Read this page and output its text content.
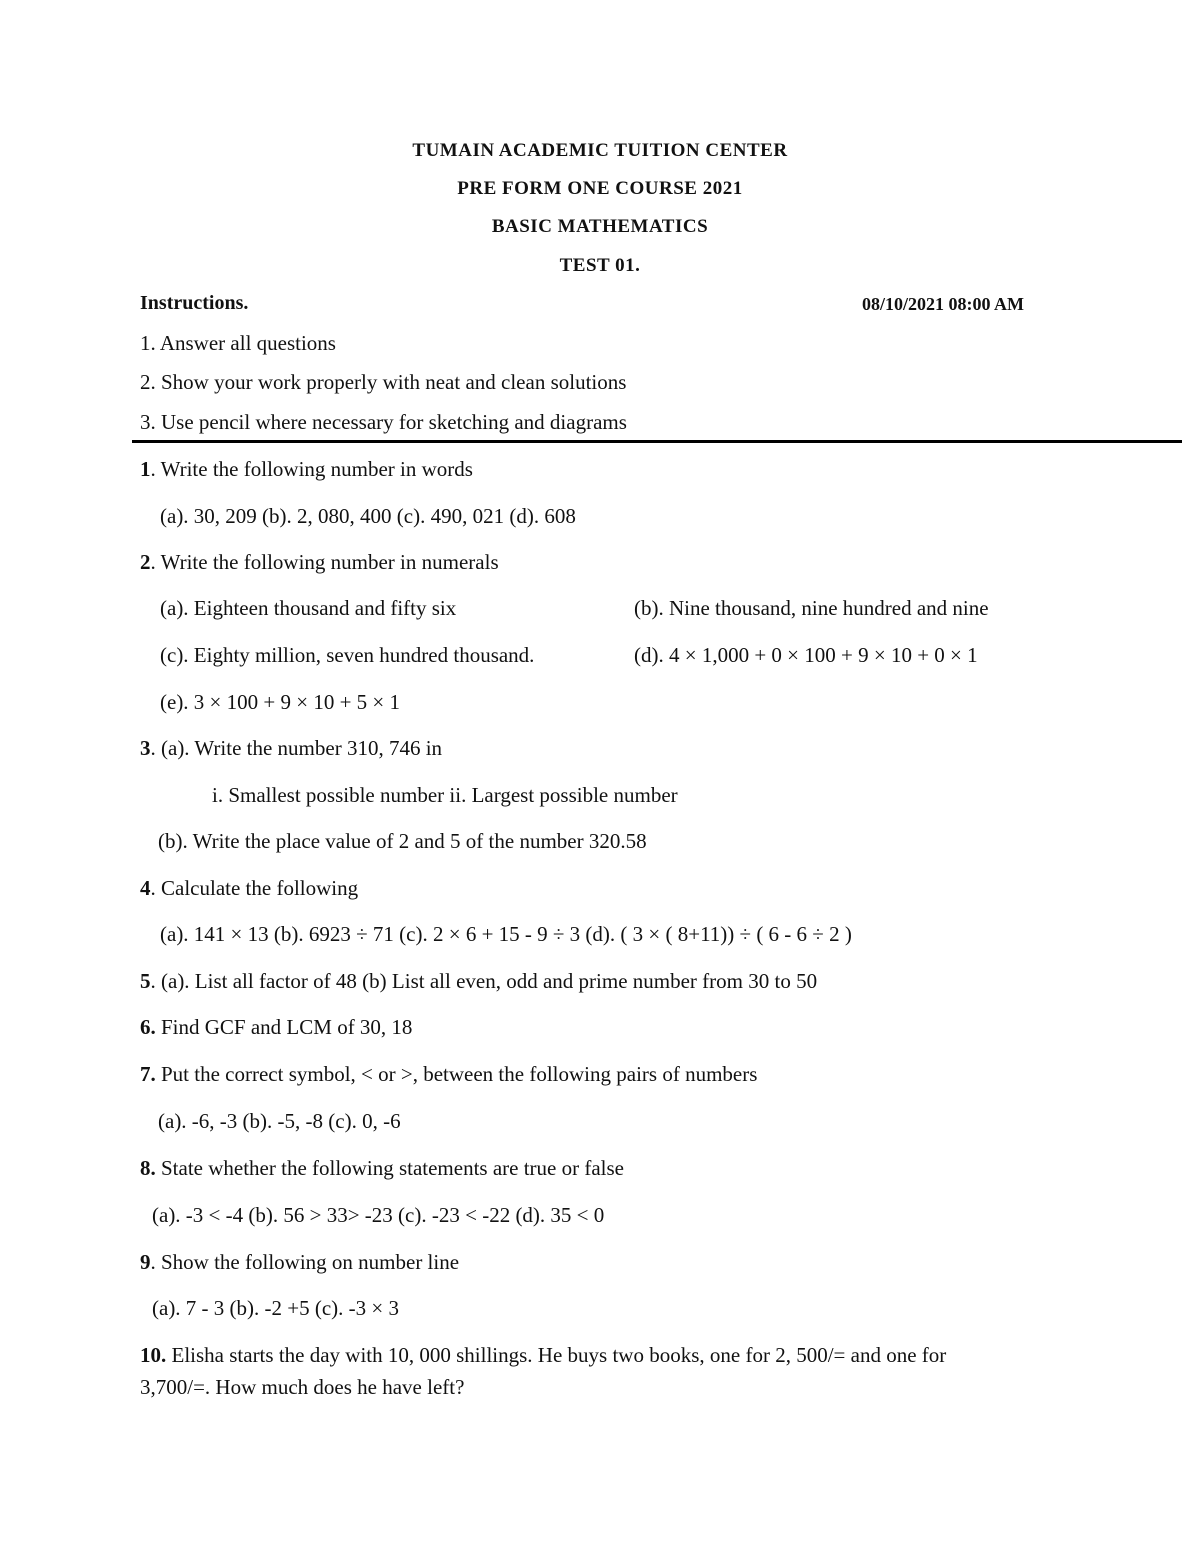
TUMAIN ACADEMIC TUITION CENTER
PRE FORM ONE COURSE 2021
BASIC MATHEMATICS
TEST 01.
Instructions.	08/10/2021 08:00 AM
1. Answer all questions
2. Show your work properly with neat and clean solutions
3. Use pencil where necessary for sketching and diagrams
1. Write the following number in words
(a). 30, 209 (b). 2, 080, 400 (c). 490, 021 (d). 608
2. Write the following number in numerals
(a). Eighteen thousand and fifty six	(b). Nine thousand, nine hundred and nine
(c). Eighty million, seven hundred thousand.	(d). 4 × 1,000 + 0 × 100 + 9 × 10 + 0 × 1
(e). 3 × 100 + 9 × 10 + 5 × 1
3. (a). Write the number 310, 746 in
i. Smallest possible number ii. Largest possible number
(b). Write the place value of 2 and 5 of the number 320.58
4. Calculate the following
(a). 141 × 13 (b). 6923 ÷ 71 (c). 2 × 6 + 15 - 9 ÷ 3 (d). ( 3 × ( 8+11)) ÷ ( 6 - 6 ÷ 2 )
5. (a). List all factor of 48 (b) List all even, odd and prime number from 30 to 50
6. Find GCF and LCM of 30, 18
7. Put the correct symbol, < or >, between the following pairs of numbers
(a). -6, -3 (b). -5, -8 (c). 0, -6
8. State whether the following statements are true or false
(a). -3 < -4 (b). 56 > 33> -23 (c). -23 < -22 (d). 35 < 0
9. Show the following on number line
(a). 7 - 3 (b). -2 +5 (c). -3 × 3
10. Elisha starts the day with 10, 000 shillings. He buys two books, one for 2, 500/= and one for
3,700/=. How much does he have left?
